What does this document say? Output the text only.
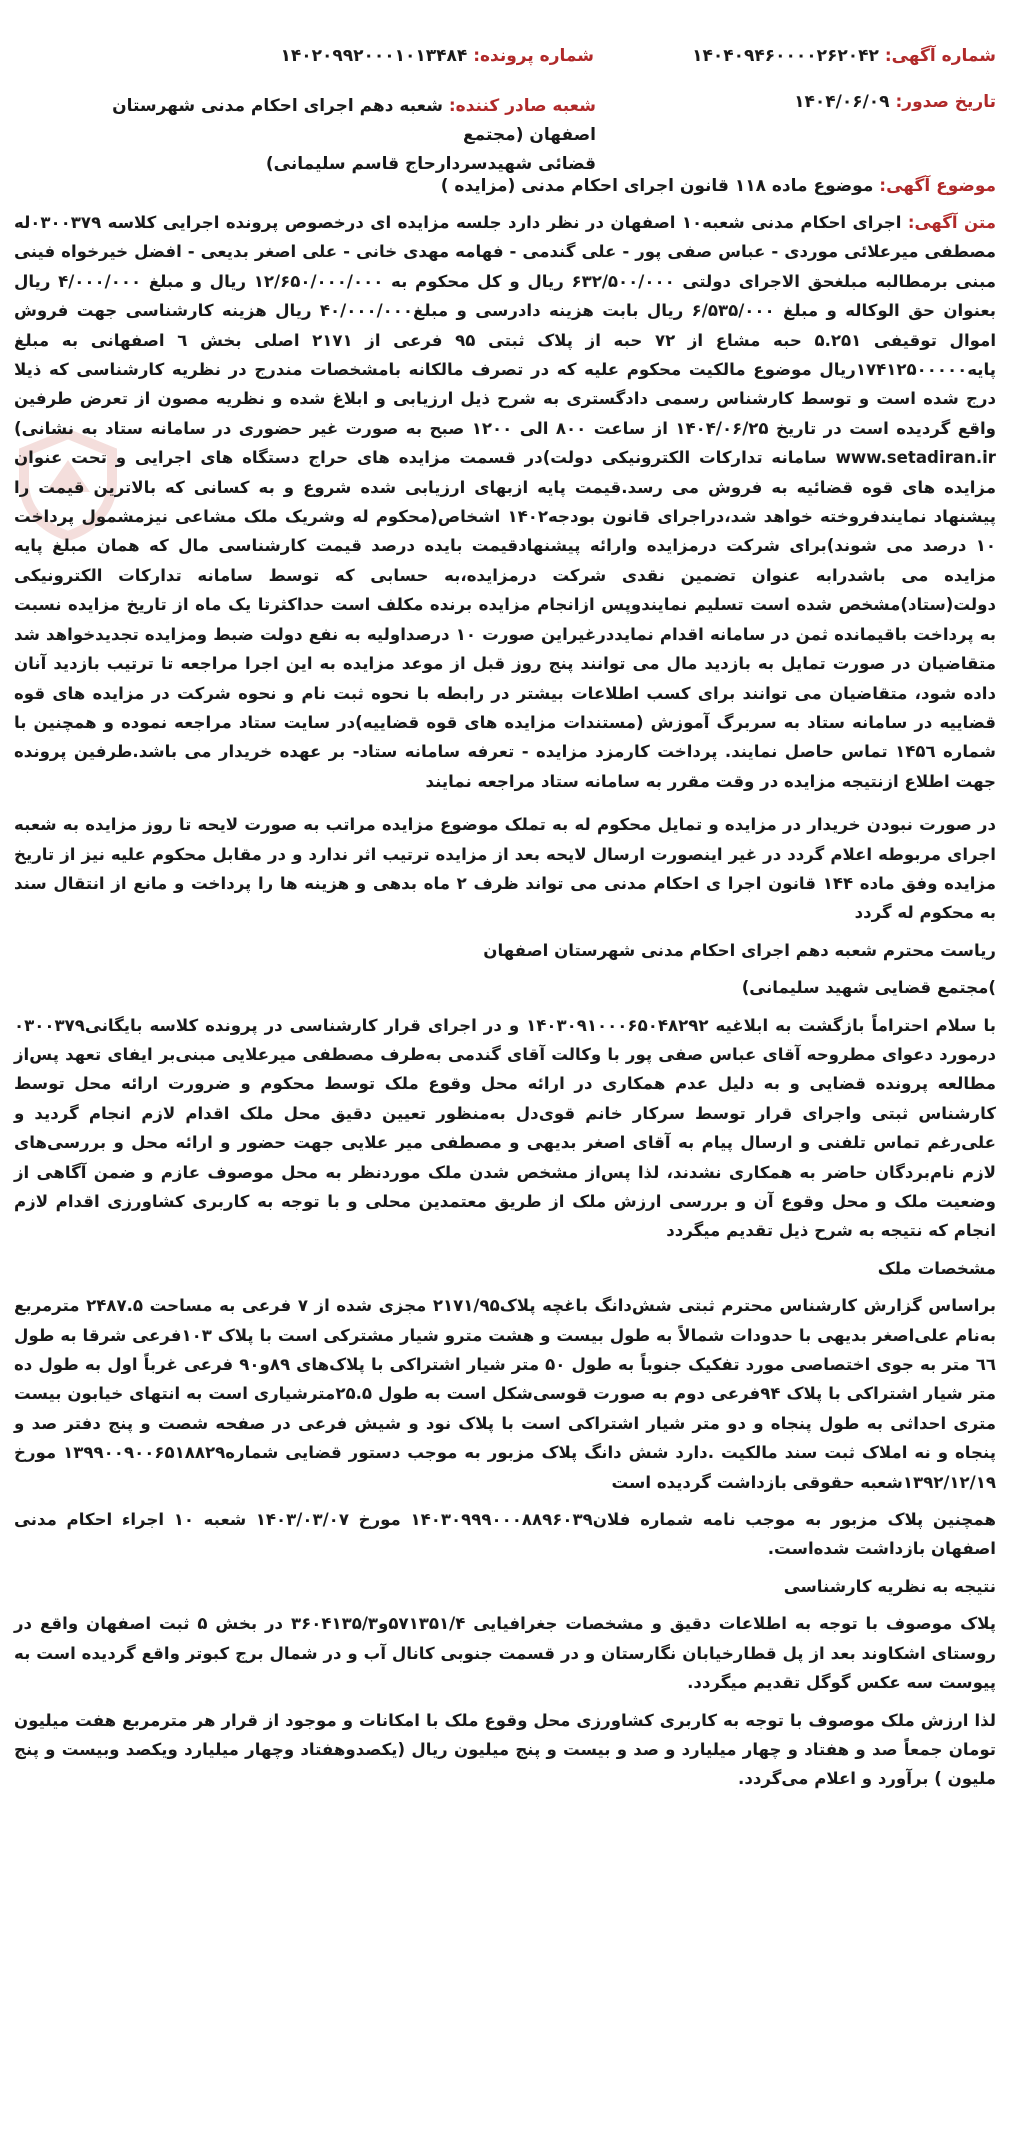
شماره آگهی: ۱۴۰۴۰۹۴۶۰۰۰۰۲۶۲۰۴۲
شماره پرونده: ۱۴۰۲۰۹۹۲۰۰۰۱۰۱۳۴۸۴
تاریخ صدور: ۱۴۰۴/۰۶/۰۹
شعبه صادر کننده: شعبه دهم اجرای احکام مدنی شهرستان اصفهان (مجتمع
قضائی شهیدسردارحاج قاسم سلیمانی)
موضوع آگهی: موضوع ماده ۱۱۸ قانون اجرای احکام مدنی (مزایده )

متن آگهی: اجرای احکام مدنی شعبه۱۰ اصفهان در نظر دارد جلسه مزایده ای درخصوص پرونده اجرایی کلاسه ۰۳۰۰۳۷۹له مصطفی میرعلائی موردی - عباس صفی پور - علی گندمی - فهامه مهدی خانی - علی اصغر بدیعی - افضل خیرخواه فینی مبنی برمطالبه مبلغحق الاجرای دولتی ۶۳۲/۵۰۰/۰۰۰ ریال و کل محکوم به ۱۲/۶۵۰/۰۰۰/۰۰۰ ریال و مبلغ ۴/۰۰۰/۰۰۰ ریال بعنوان حق الوکاله و مبلغ ۶/۵۳۵/۰۰۰ ریال بابت هزینه دادرسی و مبلغ۴۰/۰۰۰/۰۰۰ ریال هزینه کارشناسی جهت فروش اموال توقیفی ۵.۲۵۱ حبه مشاع از ۷۲ حبه از پلاک ثبتی ۹۵ فرعی از ۲۱۷۱ اصلی بخش ٦ اصفهانی به مبلغ پایه۱۷۴۱۲۵۰۰۰۰۰ریال موضوع مالکیت محکوم علیه که در تصرف مالکانه بامشخصات مندرج در نظریه کارشناسی که ذیلا درج شده است و توسط کارشناس رسمی دادگستری به شرح ذیل ارزیابی و ابلاغ شده و نظریه مصون از تعرض طرفین واقع گردیده است در تاریخ ۱۴۰۴/۰۶/۲۵ از ساعت ۸۰۰ الی ۱۲۰۰ صبح به صورت غیر حضوری در سامانه ستاد به نشانی) www.setadiran.ir سامانه تدارکات الکترونیکی دولت)در قسمت مزایده های حراج دستگاه های اجرایی و تحت عنوان مزایده های قوه قضائیه به فروش می رسد.قیمت پایه ازبهای ارزیابی شده شروع و به کسانی که بالاترین قیمت را پیشنهاد نمایندفروخته خواهد شد،دراجرای قانون بودجه۱۴۰۲ اشخاص(محکوم له وشریک ملک مشاعی نیزمشمول پرداخت ۱۰ درصد می شوند)برای شرکت درمزایده وارائه پیشنهادقیمت بایده درصد قیمت کارشناسی مال که همان مبلغ پایه مزایده می باشدرابه عنوان تضمین نقدی شرکت درمزایده،به حسابی که توسط سامانه تدارکات الکترونیکی دولت(ستاد)مشخص شده است تسلیم نمایندوپس ازانجام مزایده برنده مکلف است حداکثرتا یک ماه از تاریخ مزایده نسبت به پرداخت باقیمانده ثمن در سامانه اقدام نمایددرغیراین صورت ۱۰ درصداولیه به نفع دولت ضبط ومزایده تجدیدخواهد شد متقاضیان در صورت تمایل به بازدید مال می توانند پنج روز قبل از موعد مزایده به این اجرا مراجعه تا ترتیب بازدید آنان داده شود، متقاضیان می توانند برای کسب اطلاعات بیشتر در رابطه با نحوه ثبت نام و نحوه شرکت در مزایده های قوه قضاییه در سامانه ستاد به سربرگ آموزش (مستندات مزایده های قوه قضاییه)در سایت ستاد مراجعه نموده و همچنین با شماره ۱۴۵٦ تماس حاصل نمایند. پرداخت کارمزد مزایده - تعرفه سامانه ستاد- بر عهده خریدار می باشد.طرفین پرونده جهت اطلاع ازنتیجه مزایده در وقت مقرر به سامانه ستاد مراجعه نمایند

در صورت نبودن خریدار در مزایده و تمایل محکوم له به تملک موضوع مزایده مراتب به صورت لایحه تا روز مزایده به شعبه اجرای مربوطه اعلام گردد در غیر اینصورت ارسال لایحه بعد از مزایده ترتیب اثر ندارد و در مقابل محکوم علیه نیز از تاریخ مزایده وفق ماده ۱۴۴ قانون اجرا ی احکام مدنی می تواند ظرف ۲ ماه بدهی و هزینه ها را پرداخت و مانع از انتقال سند به محکوم له گردد

ریاست محترم شعبه دهم اجرای احکام مدنی شهرستان اصفهان

)مجتمع قضایی شهید سلیمانی)

با سلام احتراماً بازگشت به ابلاغیه ۱۴۰۳۰۹۱۰۰۰۶۵۰۴۸۲۹۲ و در اجرای قرار کارشناسی در پرونده کلاسه بایگانی۰۳۰۰۳۷۹ درمورد دعوای مطروحه آقای عباس صفی پور با وکالت آقای گندمی به‌طرف مصطفی میرعلایی مبنی‌بر ایفای تعهد پس‌از مطالعه پرونده قضایی و به دلیل عدم همکاری در ارائه محل وقوع ملک توسط محکوم و ضرورت ارائه محل توسط کارشناس ثبتی واجرای قرار توسط سرکار خانم قوی‌دل به‌منظور تعیین دقیق محل ملک اقدام لازم انجام گردید و علی‌رغم تماس تلفنی و ارسال پیام به آقای اصغر بدیهی و مصطفی میر علایی جهت حضور و ارائه محل و بررسی‌های لازم نام‌بردگان حاضر به همکاری نشدند، لذا پس‌از مشخص شدن ملک موردنظر به محل موصوف عازم و ضمن آگاهی از وضعیت ملک و محل وقوع آن و بررسی ارزش ملک از طریق معتمدین محلی و با توجه به کاربری کشاورزی اقدام لازم انجام که نتیجه به شرح ذیل تقدیم میگردد

مشخصات ملک

براساس گزارش کارشناس محترم ثبتی شش‌دانگ باغچه پلاک۲۱۷۱/۹۵ مجزی شده از ۷ فرعی به مساحت ۲۴۸۷.۵ مترمربع به‌نام علی‌اصغر بدیهی با حدودات شمالاً به طول بیست و هشت مترو شیار مشترکی است با پلاک ۱۰۳فرعی شرقا به طول ٦٦ متر به جوی اختصاصی مورد تفکیک جنوباً به طول ۵۰ متر شیار اشتراکی با پلاک‌های ۸۹و۹۰ فرعی غرباً اول به طول ده متر شیار اشتراکی با پلاک ۹۴فرعی دوم به صورت قوسی‌شکل است به طول ۲۵.۵مترشیاری است به انتهای خیابون بیست متری احداثی به طول پنجاه و دو متر شیار اشتراکی است با پلاک نود و شیش فرعی در صفحه شصت و پنج دفتر صد و پنجاه و نه املاک ثبت سند مالکیت .دارد شش دانگ پلاک مزبور به موجب دستور قضایی شماره۱۳۹۹۰۰۹۰۰۶۵۱۸۸۲۹ مورخ ۱۳۹۲/۱۲/۱۹شعبه حقوقی بازداشت گردیده است

همچنین پلاک مزبور به موجب نامه شماره فلان۱۴۰۳۰۹۹۹۰۰۰۸۸۹۶۰۳۹ مورخ ۱۴۰۳/۰۳/۰۷ شعبه ۱۰ اجراء احکام مدنی اصفهان بازداشت شده‌است.

نتیجه به نظریه کارشناسی

پلاک موصوف با توجه به اطلاعات دقیق و مشخصات جغرافیایی ۵۷۱۳۵۱/۴و۳۶۰۴۱۳۵/۳ در بخش ۵ ثبت اصفهان واقع در روستای اشکاوند بعد از پل قطارخیابان نگارستان و در قسمت جنوبی کانال آب و در شمال برج کبوتر واقع گردیده است به پیوست سه عکس گوگل تقدیم میگردد.

لذا ارزش ملک موصوف با توجه به کاربری کشاورزی محل وقوع ملک با امکانات و موجود از قرار هر مترمربع هفت میلیون تومان جمعاً صد و هفتاد و چهار میلیارد و صد و بیست و پنج میلیون ریال (یکصدوهفتاد وچهار میلیارد ویکصد وبیست و پنج ملیون ) برآورد و اعلام می‌گردد.
